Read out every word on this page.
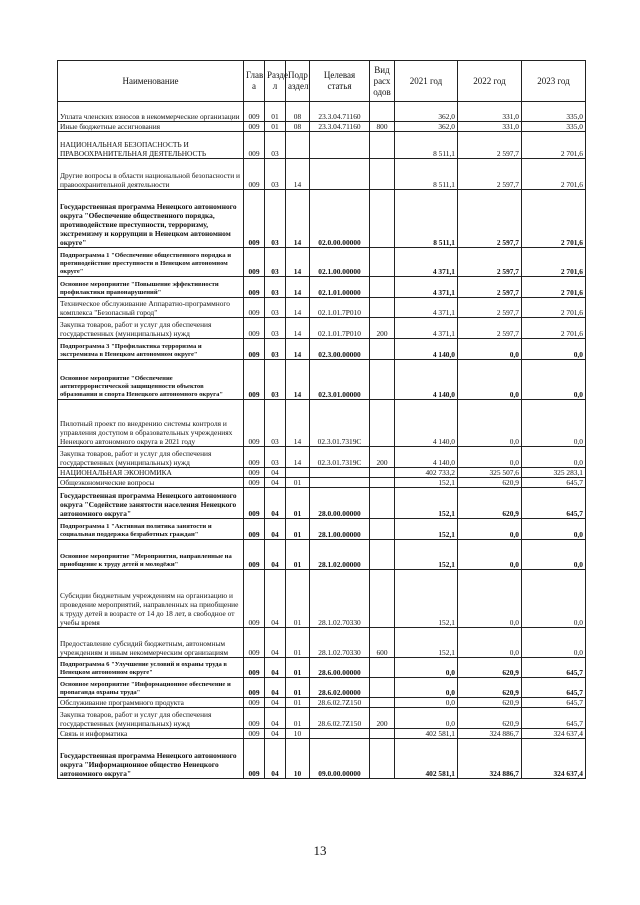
Наименование	Глав а	Разде л	Подр аздел	Целевая статья	Вид расх одов	2021 год	2022 год	2023 год
Уплата членских взносов в некоммерческие организации	009	01	08	23.3.04.71160		362,0	331,0	335,0
Иные бюджетные ассигнования	009	01	08	23.3.04.71160	800	362,0	331,0	335,0
НАЦИОНАЛЬНАЯ БЕЗОПАСНОСТЬ И ПРАВООХРАНИТЕЛЬНАЯ ДЕЯТЕЛЬНОСТЬ	009	03				8 511,1	2 597,7	2 701,6
Другие вопросы в области национальной безопасности и правоохранительной деятельности	009	03	14			8 511,1	2 597,7	2 701,6
Государственная программа Ненецкого автономного округа "Обеспечение общественного порядка, противодействие преступности, терроризму, экстремизму и коррупции в Ненецком автономном округе"	009	03	14	02.0.00.00000		8 511,1	2 597,7	2 701,6
Подпрограмма 1 "Обеспечение общественного порядка и противодействие преступности в Ненецком автономном округе"	009	03	14	02.1.00.00000		4 371,1	2 597,7	2 701,6
Основное мероприятие "Повышение эффективности профилактики правонарушений"	009	03	14	02.1.01.00000		4 371,1	2 597,7	2 701,6
Техническое обслуживание Аппаратно-программного комплекса "Безопасный город"	009	03	14	02.1.01.7Р010		4 371,1	2 597,7	2 701,6
Закупка товаров, работ и услуг для обеспечения государственных (муниципальных) нужд	009	03	14	02.1.01.7Р010	200	4 371,1	2 597,7	2 701,6
Подпрограмма 3 "Профилактика терроризма и экстремизма в Ненецком автономном округе"	009	03	14	02.3.00.00000		4 140,0	0,0	0,0
Основное мероприятие "Обеспечение антитеррористической защищенности объектов образования и спорта Ненецкого автономного округа"	009	03	14	02.3.01.00000		4 140,0	0,0	0,0
Пилотный проект по внедрению системы контроля и управления доступом в образовательных учреждениях Ненецкого автономного округа в 2021 году	009	03	14	02.3.01.7319С		4 140,0	0,0	0,0
Закупка товаров, работ и услуг для обеспечения государственных (муниципальных) нужд	009	03	14	02.3.01.7319С	200	4 140,0	0,0	0,0
НАЦИОНАЛЬНАЯ ЭКОНОМИКА	009	04				402 733,2	325 507,6	325 283,1
Общеэкономические вопросы	009	04	01			152,1	620,9	645,7
Государственная программа Ненецкого автономного округа "Содействие занятости населения Ненецкого автономного округа"	009	04	01	28.0.00.00000		152,1	620,9	645,7
Подпрограмма 1 "Активная политика занятости и социальная поддержка безработных граждан"	009	04	01	28.1.00.00000		152,1	0,0	0,0
Основное мероприятие "Мероприятия, направленные на приобщение к труду детей и молодёжи"	009	04	01	28.1.02.00000		152,1	0,0	0,0
Субсидии бюджетным учреждениям на организацию и проведение мероприятий, направленных на приобщение к труду детей в возрасте от 14 до 18 лет, в свободное от учебы время	009	04	01	28.1.02.70330		152,1	0,0	0,0
Предоставление субсидий бюджетным, автономным учреждениям и иным некоммерческим организациям	009	04	01	28.1.02.70330	600	152,1	0,0	0,0
Подпрограмма 6 "Улучшение условий и охраны труда в Ненецком автономном округе"	009	04	01	28.6.00.00000		0,0	620,9	645,7
Основное мероприятие "Информационное обеспечение и пропаганда охраны труда"	009	04	01	28.6.02.00000		0,0	620,9	645,7
Обслуживание программного продукта	009	04	01	28.6.02.7Z150		0,0	620,9	645,7
Закупка товаров, работ и услуг для обеспечения государственных (муниципальных) нужд	009	04	01	28.6.02.7Z150	200	0,0	620,9	645,7
Связь и информатика	009	04	10			402 581,1	324 886,7	324 637,4
Государственная программа Ненецкого автономного округа "Информационное общество Ненецкого автономного округа"	009	04	10	09.0.00.00000		402 581,1	324 886,7	324 637,4
13
